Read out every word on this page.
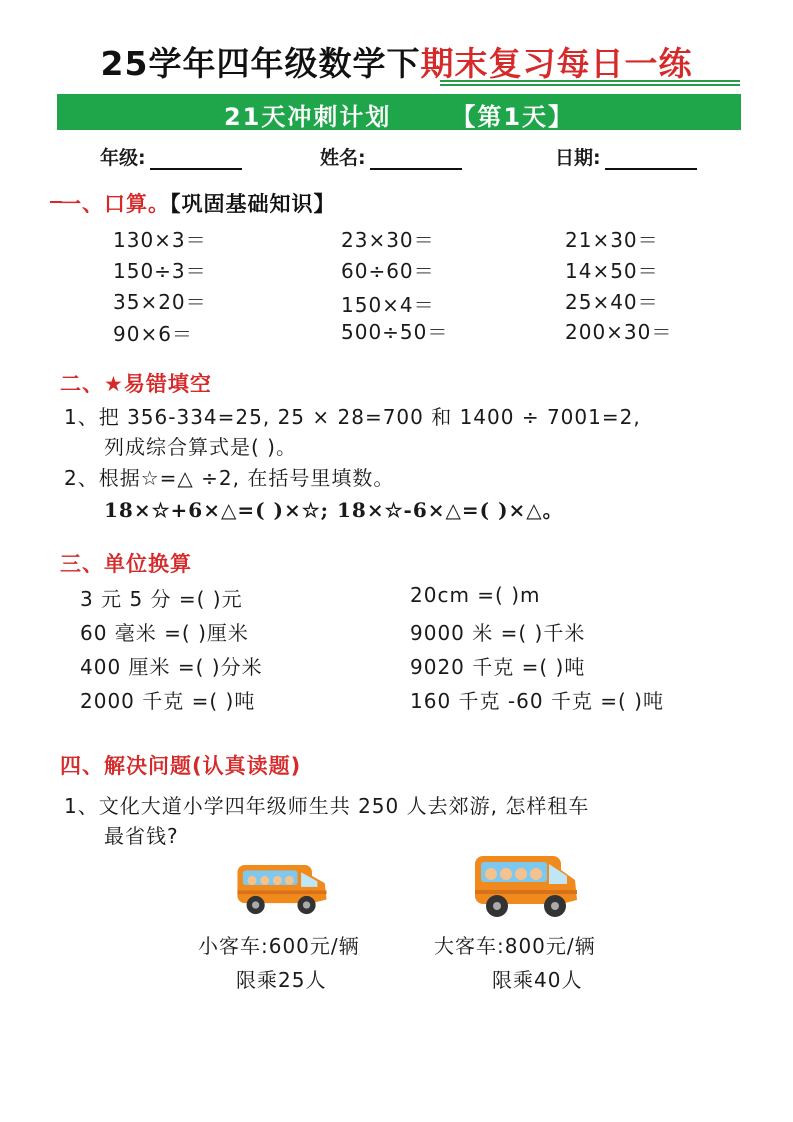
25学年四年级数学下期末复习每日一练
21天冲刺计划	【第1天】
年级:	姓名:	日期:
一、口算。【巩固基础知识】
130×3＝	23×30＝	21×30＝
150÷3＝	60÷60＝	14×50＝
35×20＝	150×4＝	25×40＝
90×6＝	500÷50＝	200×30＝
二、★易错填空
1、把 356-334=25, 25 × 28=700 和 1400 ÷ 7001=2,
列成综合算式是( )。
2、根据☆=△ ÷2, 在括号里填数。
18×☆+6×△=( )×☆; 18×☆-6×△=( )×△。
三、单位换算
3 元 5 分 =( )元	20cm =( )m
60 毫米 =( )厘米	9000 米 =( )千米
400 厘米 =( )分米	9020 千克 =( )吨
2000 千克 =( )吨	160 千克 -60 千克 =( )吨
四、解决问题(认真读题)
1、文化大道小学四年级师生共 250 人去郊游, 怎样租车
最省钱?
小客车:600元/辆
限乘25人
大客车:800元/辆
限乘40人
